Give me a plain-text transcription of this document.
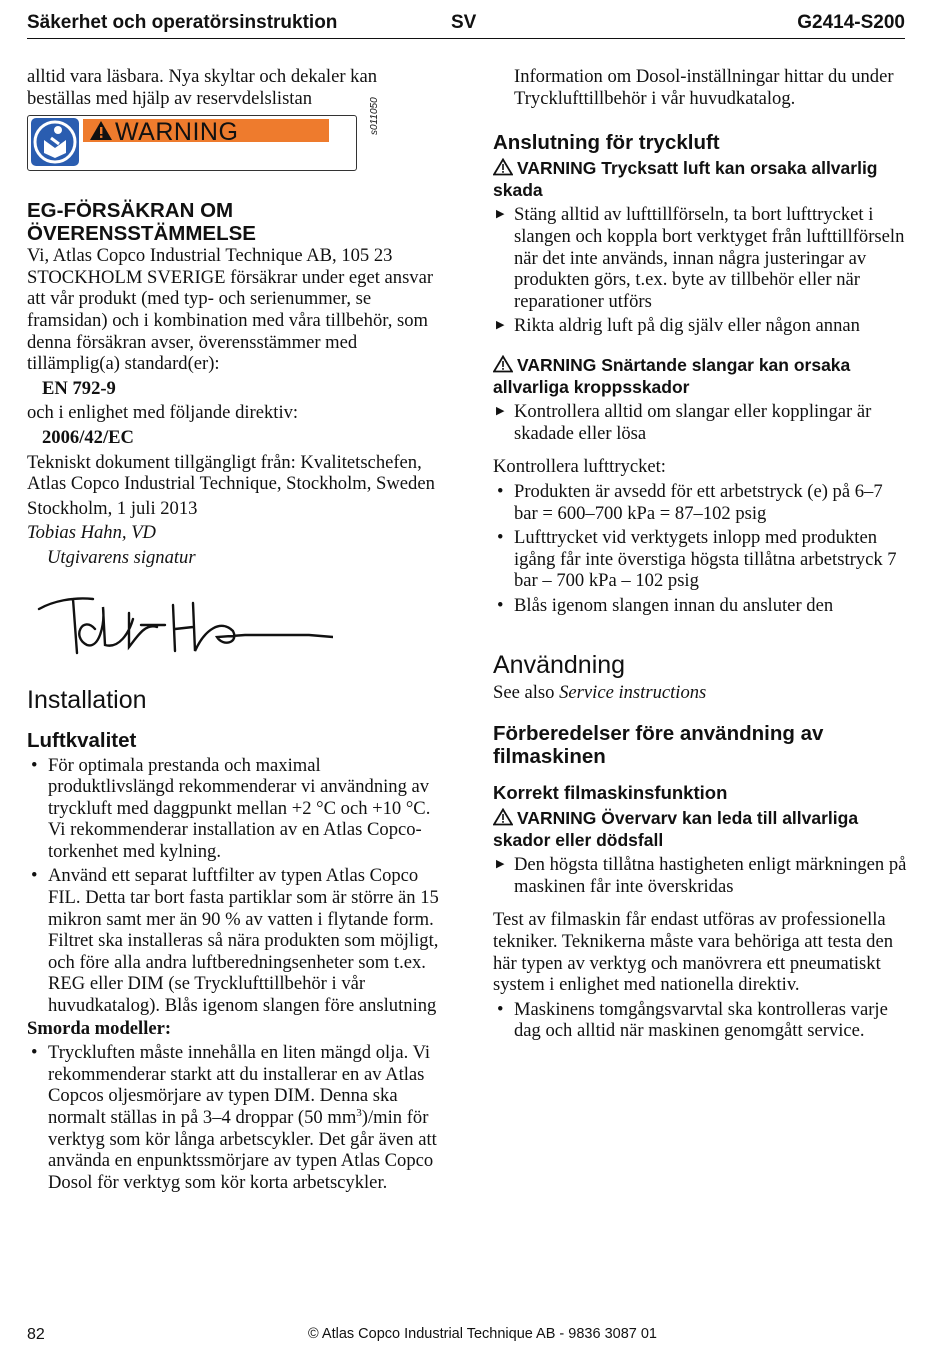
Säkerhet och operatörsinstruktion	SV	G2414-S200

alltid vara läsbara. Nya skyltar och dekaler kan beställas med hjälp av reservdelslistan

WARNING	s011050
EG-FÖRSÄKRAN OM
ÖVERENSSTÄMMELSE

Vi, Atlas Copco Industrial Technique AB, 105 23 STOCKHOLM SVERIGE försäkrar under eget ansvar att vår produkt (med typ- och serienummer, se framsidan) och i kombination med våra tillbehör, som denna försäkran avser, överensstämmer med tillämplig(a) standard(er):

EN 792-9

och i enlighet med följande direktiv:

2006/42/EC

Tekniskt dokument tillgängligt från: Kvalitetschefen, Atlas Copco Industrial Technique, Stockholm, Sweden

Stockholm, 1 juli 2013

Tobias Hahn, VD

Utgivarens signatur

Installation
Luftkvalitet
• För optimala prestanda och maximal produktlivslängd rekommenderar vi användning av tryckluft med daggpunkt mellan +2 °C och +10 °C. Vi rekommenderar installation av en Atlas Copco-torkenhet med kylning.
• Använd ett separat luftfilter av typen Atlas Copco FIL. Detta tar bort fasta partiklar som är större än 15 mikron samt mer än 90 % av vatten i flytande form. Filtret ska installeras så nära produkten som möjligt, och före alla andra luftberedningsenheter som t.ex. REG eller DIM (se Trycklufttillbehör i vår huvudkatalog). Blås igenom slangen före anslutning

Smorda modeller:

• Tryckluften måste innehålla en liten mängd olja. Vi rekommenderar starkt att du installerar en av Atlas Copcos oljesmörjare av typen DIM. Denna ska normalt ställas in på 3–4 droppar (50 $mm^3)/\min$ för verktyg som kör långa arbetscykler. Det går även att använda en enpunktssmörjare av typen Atlas Copco Dosol för verktyg som kör korta arbetscykler.

Information om Dosol-inställningar hittar du under Trycklufttillbehör i vår huvudkatalog.

Anslutning för tryckluft

VARNING Trycksatt luft kan orsaka allvarlig skada

▶ Stäng alltid av lufttillförseln, ta bort lufttrycket i slangen och koppla bort verktyget från lufttillförseln när det inte används, innan några justeringar av produkten görs, t.ex. byte av tillbehör eller när reparationer utförs
▶ Rikta aldrig luft på dig själv eller någon annan

VARNING Snärtande slangar kan orsaka allvarliga kroppsskador

▶ Kontrollera alltid om slangar eller kopplingar är skadade eller lösa

Kontrollera lufttrycket:

• Produkten är avsedd för ett arbetstryck (e) på 6–7 bar = 600–700 kPa = 87–102 psig
• Lufttrycket vid verktygets inlopp med produkten igång får inte överstiga högsta tillåtna arbetstryck 7 bar – 700 kPa – 102 psig
• Blås igenom slangen innan du ansluter den
Användning

See also Service instructions

Förberedelser före användning av filmaskinen
Korrekt filmaskinsfunktion

VARNING Övervarv kan leda till allvarliga skador eller dödsfall

▶ Den högsta tillåtna hastigheten enligt märkningen på maskinen får inte överskridas

Test av filmaskin får endast utföras av professionella tekniker. Teknikerna måste vara behöriga att testa den här typen av verktyg och manövrera ett pneumatiskt system i enlighet med nationella direktiv.

• Maskinens tomgångsvarvtal ska kontrolleras varje dag och alltid när maskinen genomgått service.
82	© Atlas Copco Industrial Technique AB - 9836 3087 01
